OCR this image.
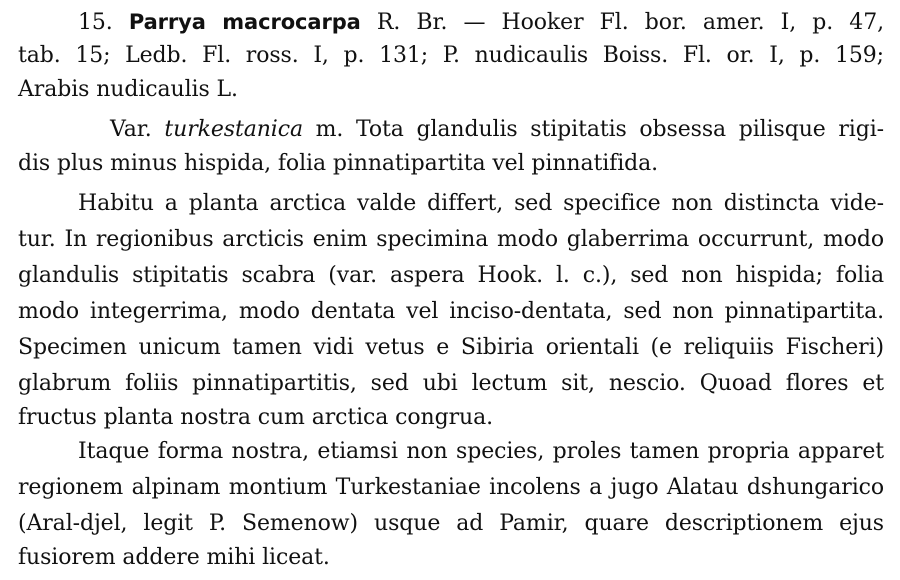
15. Parrya macrocarpa R. Br. — Hooker Fl. bor. amer. I, p. 47,
tab. 15; Ledb. Fl. ross. I, p. 131; P. nudicaulis Boiss. Fl. or. I, p. 159;
Arabis nudicaulis L.
Var. turkestanica m. Tota glandulis stipitatis obsessa pilisque rigi-
dis plus minus hispida, folia pinnatipartita vel pinnatifida.
Habitu a planta arctica valde differt, sed specifice non distincta vide-
tur. In regionibus arcticis enim specimina modo glaberrima occurrunt, modo
glandulis stipitatis scabra (var. aspera Hook. l. c.), sed non hispida; folia
modo integerrima, modo dentata vel inciso-dentata, sed non pinnatipartita.
Specimen unicum tamen vidi vetus e Sibiria orientali (e reliquiis Fischeri)
glabrum foliis pinnatipartitis, sed ubi lectum sit, nescio. Quoad flores et
fructus planta nostra cum arctica congrua.
Itaque forma nostra, etiamsi non species, proles tamen propria apparet
regionem alpinam montium Turkestaniae incolens a jugo Alatau dshungarico
(Aral-djel, legit P. Semenow) usque ad Pamir, quare descriptionem ejus
fusiorem addere mihi liceat.
